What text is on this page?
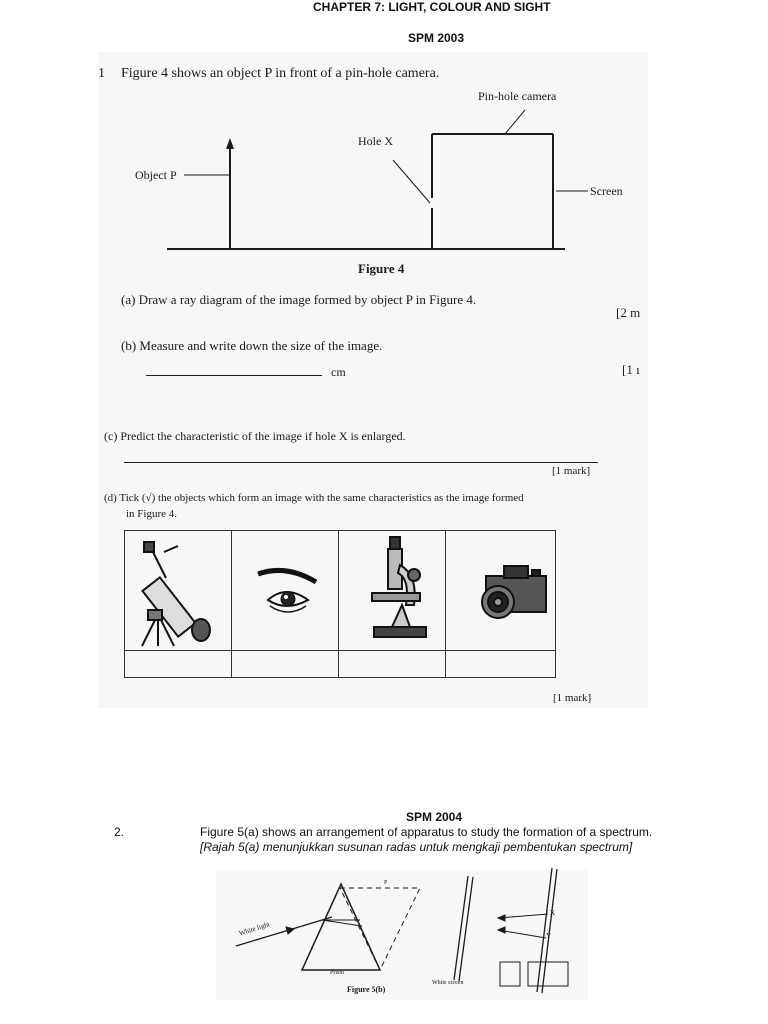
CHAPTER 7: LIGHT, COLOUR AND SIGHT
SPM 2003
1 Figure 4 shows an object P in front of a pin-hole camera.
Pin-hole camera
Hole X
Object P
Screen
Figure 4
(a) Draw a ray diagram of the image formed by object P in Figure 4.
[2 m
(b) Measure and write down the size of the image.
cm	[1 ı
(c) Predict the characteristic of the image if hole X is enlarged.
[1 mark]
(d) Tick (√) the objects which form an image with the same characteristics as the image formed
in Figure 4.
[1 mark]
SPM 2004
2.	Figure 5(a) shows an arrangement of apparatus to study the formation of a spectrum.
[Rajah 5(a) menunjukkan susunan radas untuk mengkaji pembentukan spectrum]
White light
P
Prism
White screen
X
Y
Figure 5(b)
